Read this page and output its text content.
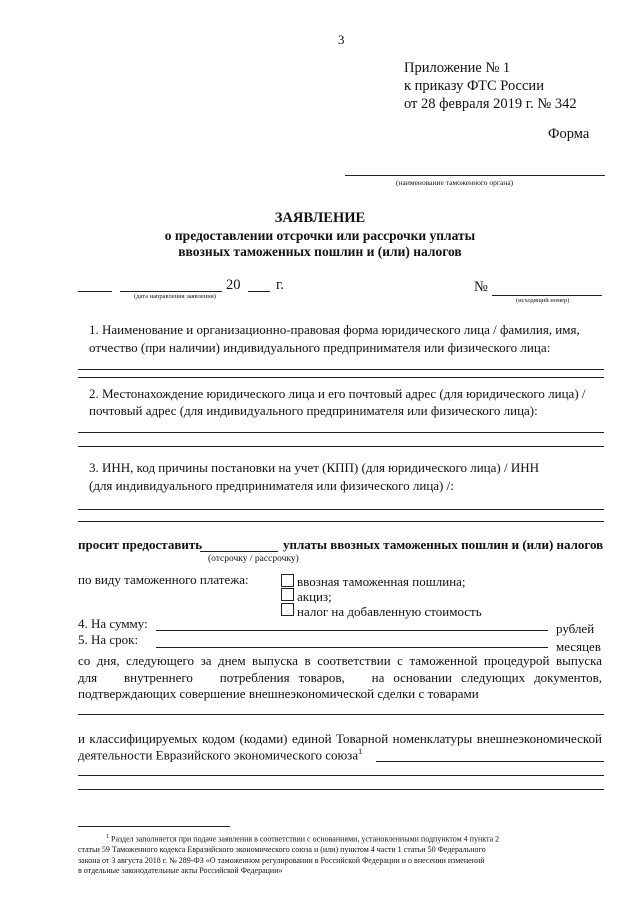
3
Приложение № 1
к приказу ФТС России
от 28 февраля 2019 г. № 342
Форма
(наименование таможенного органа)
ЗАЯВЛЕНИЕ
о предоставлении отсрочки или рассрочки уплаты
ввозных таможенных пошлин и (или) налогов
20 г.
(дата направления заявления)
№
(исходящий номер)
1. Наименование и организационно-правовая форма юридического лица / фамилия, имя,
отчество (при наличии) индивидуального предпринимателя или физического лица:
2. Местонахождение юридического лица и его почтовый адрес (для юридического лица) /
почтовый адрес (для индивидуального предпринимателя или физического лица):
3. ИНН, код причины постановки на учет (КПП) (для юридического лица) / ИНН
(для индивидуального предпринимателя или физического лица) /:
просит предоставить	уплаты ввозных таможенных пошлин и (или) налогов
(отсрочку / рассрочку)
по виду таможенного платежа:	ввозная таможенная пошлина;
акциз;
налог на добавленную стоимость
4. На сумму:	рублей
5. На срок:	месяцев
со дня, следующего за днем выпуска в соответствии с таможенной процедурой выпуска
для      внутреннего      потребления  товаров,      на  основании  следующих  документов,
подтверждающих совершение внешнеэкономической сделки с товарами
и классифицируемых кодом (кодами) единой Товарной номенклатуры внешнеэкономической
деятельности Евразийского экономического союза$^1$
$^1$ Раздел заполняется при подаче заявления в соответствии с основаниями, установленными подпунктом 4 пункта 2
статьи 59 Таможенного кодекса Евразийского экономического союза и (или) пунктом 4 части 1 статьи 50 Федерального
закона от 3 августа 2018 г. № 289-ФЗ «О таможенном регулировании в Российской Федерации и о внесении изменений
в отдельные законодательные акты Российской Федерации»
